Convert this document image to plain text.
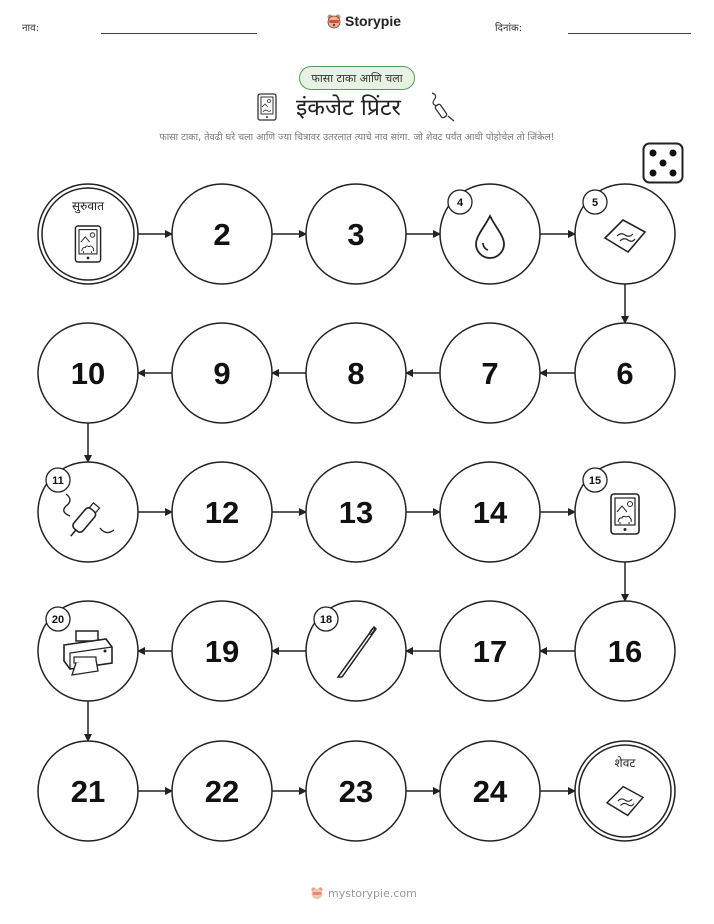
नाव:	Storypie	दिनांक:
फासा टाका आणि चला
इंकजेट प्रिंटर
फासा टाका, तेवढी घरे चला आणि ज्या चित्रावर उतरलात त्याचे नाव सांगा. जो शेवट पर्यंत आधी पोहोचेल तो जिंकेल!
सुरुवात
2	3
4	5
6
7
8
9
10
11
12	13	14
15
16
17
18
19
20
21	22	23	24
शेवट
mystorypie.com
